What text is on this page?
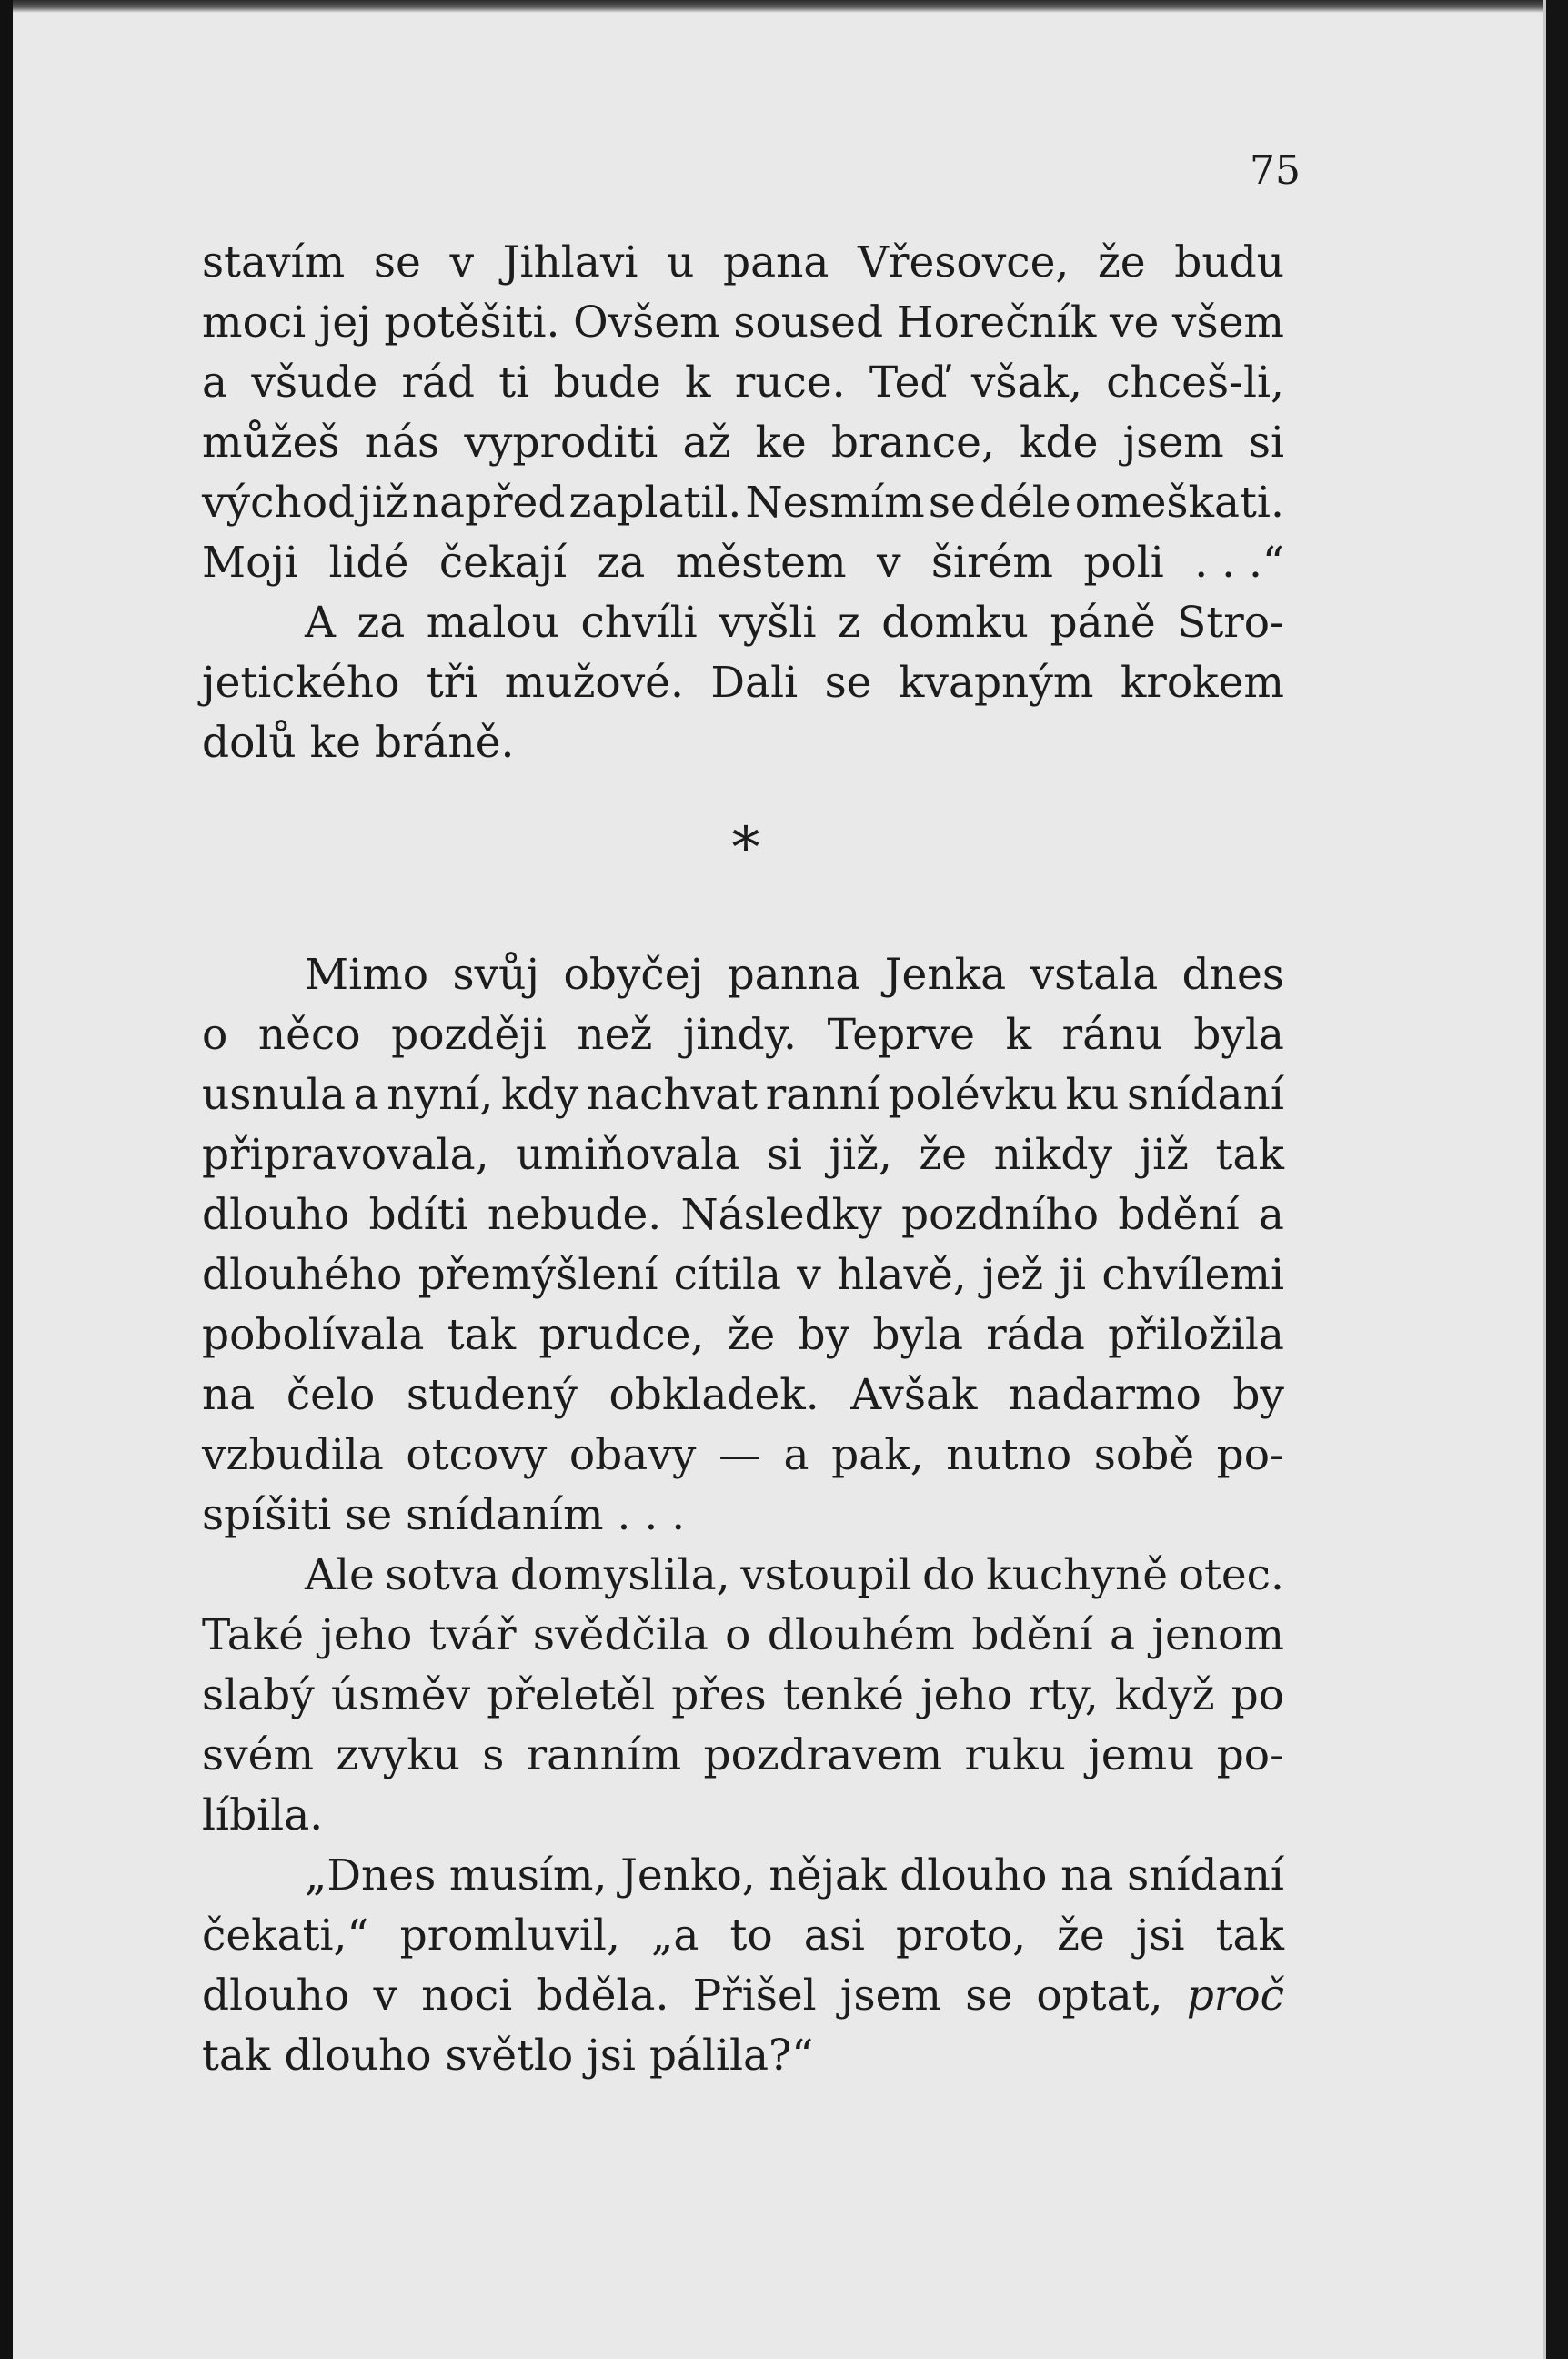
75
stavím se v Jihlavi u pana Vřesovce, že budu
moci jej potěšiti. Ovšem soused Horečník ve všem
a všude rád ti bude k ruce. Teď však, chceš-li,
můžeš nás vyproditi až ke brance, kde jsem si
východ již napřed zaplatil. Nesmím se déle omeškati.
Moji lidé čekají za městem v širém poli . . .“
A za malou chvíli vyšli z domku páně Stro-
jetického tři mužové. Dali se kvapným krokem
dolů ke bráně.
*
Mimo svůj obyčej panna Jenka vstala dnes
o něco později než jindy. Teprve k ránu byla
usnula a nyní, kdy nachvat ranní polévku ku snídaní
připravovala, umiňovala si již, že nikdy již tak
dlouho bdíti nebude. Následky pozdního bdění a
dlouhého přemýšlení cítila v hlavě, jež ji chvílemi
pobolívala tak prudce, že by byla ráda přiložila
na čelo studený obkladek. Avšak nadarmo by
vzbudila otcovy obavy — a pak, nutno sobě po-
spíšiti se snídaním . . .
Ale sotva domyslila, vstoupil do kuchyně otec.
Také jeho tvář svědčila o dlouhém bdění a jenom
slabý úsměv přeletěl přes tenké jeho rty, když po
svém zvyku s ranním pozdravem ruku jemu po-
líbila.
„Dnes musím, Jenko, nějak dlouho na snídaní
čekati,“ promluvil, „a to asi proto, že jsi tak
dlouho v noci bděla. Přišel jsem se optat, proč
tak dlouho světlo jsi pálila?“
